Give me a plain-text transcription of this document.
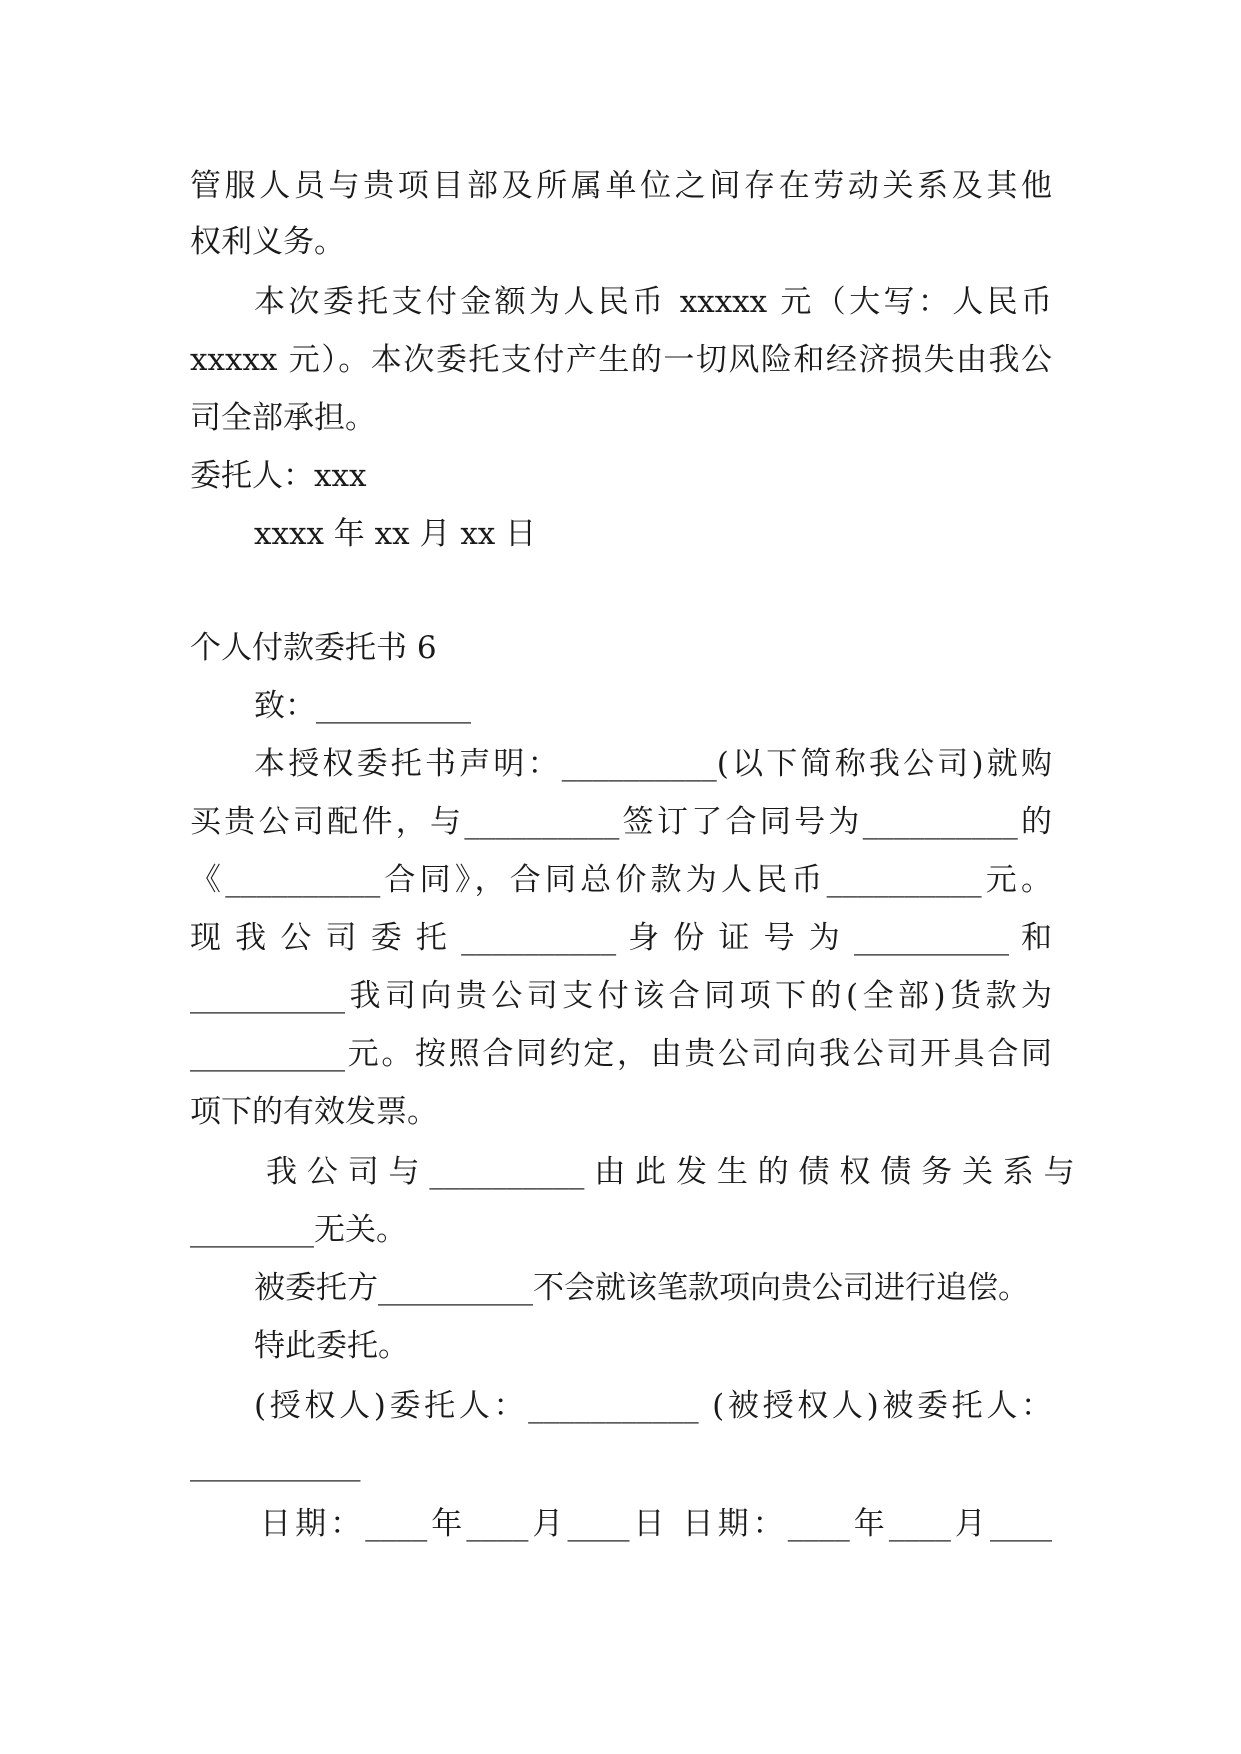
管服人员与贵项目部及所属单位之间存在劳动关系及其他
权利义务。
本次委托支付金额为人民币 xxxxx 元（大写：人民币
xxxxx 元）。本次委托支付产生的一切风险和经济损失由我公
司全部承担。
委托人：xxx
xxxx 年 xx 月 xx 日
个人付款委托书 6
致：__________
本授权委托书声明：__________(以下简称我公司)就购
买贵公司配件，与__________签订了合同号为__________的
《__________合同》，合同总价款为人民币__________元。
现 我 公 司 委 托 __________ 身 份 证 号 为 __________ 和
__________我司向贵公司支付该合同项下的(全部)货款为
__________元。按照合同约定，由贵公司向我公司开具合同
项下的有效发票。
我 公 司 与 __________ 由 此 发 生 的 债 权 债 务 关 系 与
________无关。
被委托方__________不会就该笔款项向贵公司进行追偿。
特此委托。
(授权人)委托人：___________ (被授权人)被委托人：
___________
日期：____年____月____日 日期：____年____月____
